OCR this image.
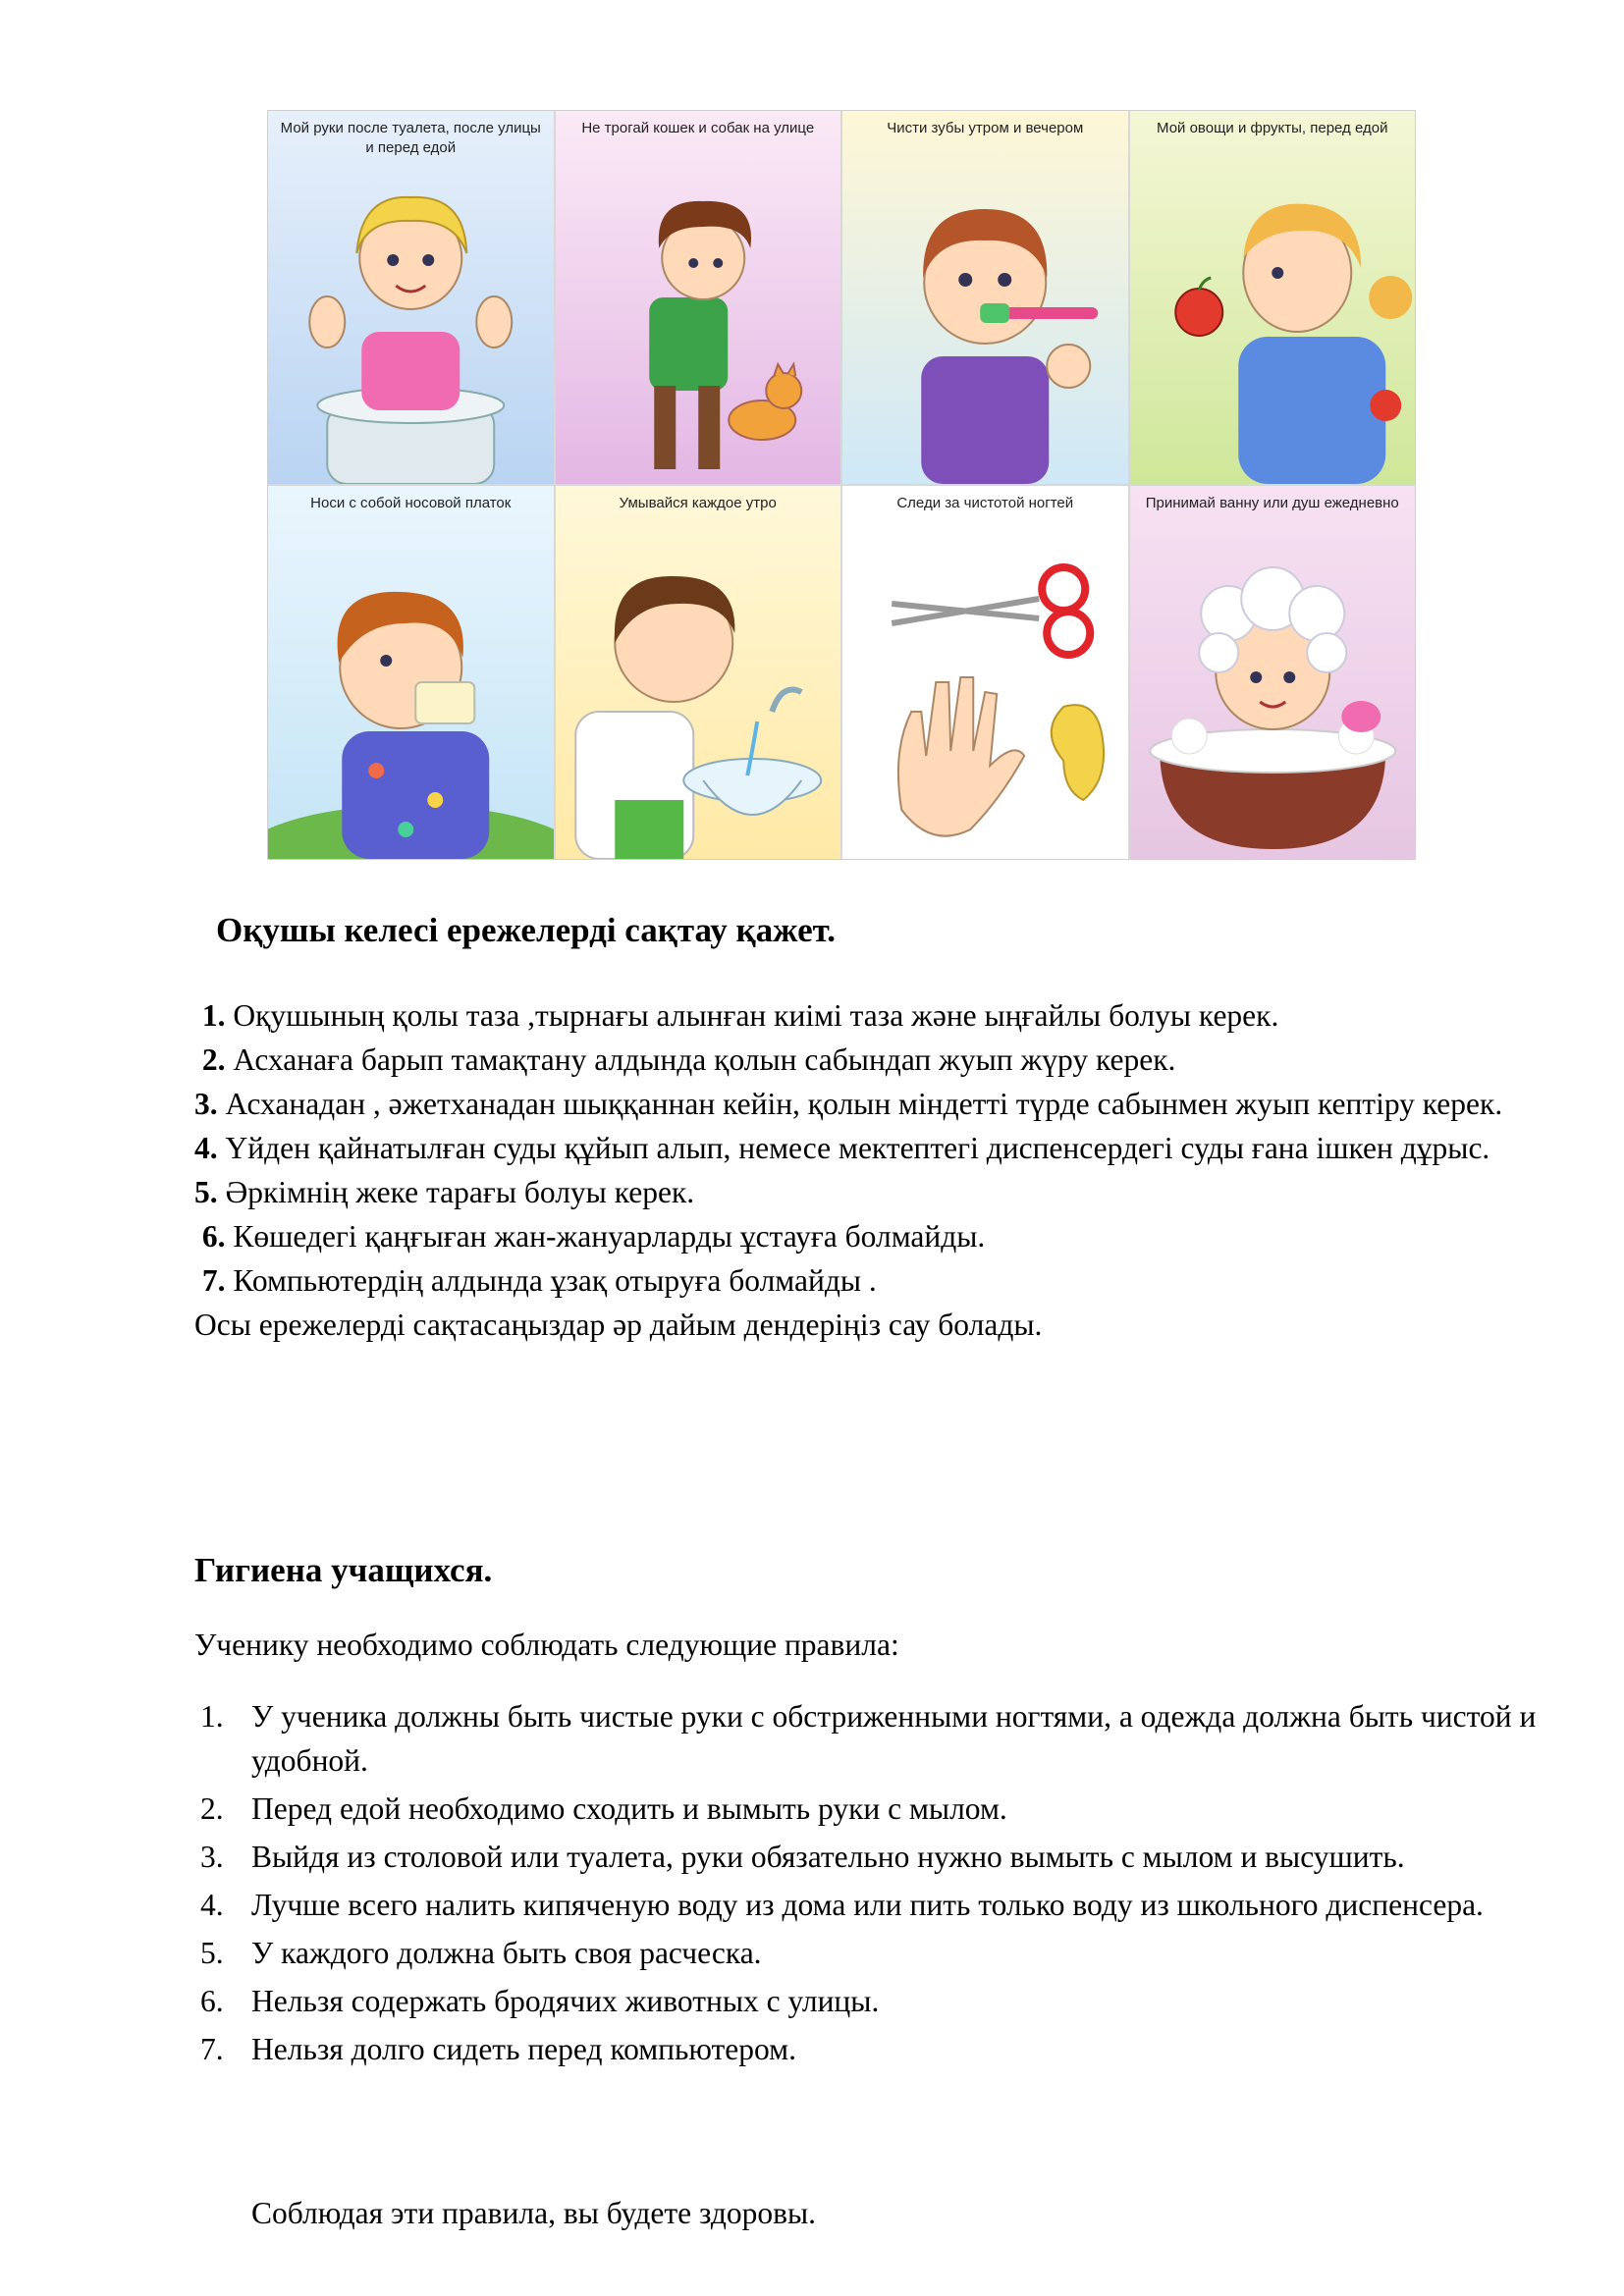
Мой руки после туалета, после улицы и перед едой
Не трогай кошек и собак на улице	Чисти зубы утром и вечером	Мой овощи и фрукты, перед едой
Носи с собой носовой платок	Умывайся каждое утро	Следи за чистотой ногтей	Принимай ванну или душ ежедневно
Оқушы келесі ережелерді сақтау қажет.

1. Оқушының қолы таза ,тырнағы алынған киімі таза және ыңғайлы болуы керек.

2. Асханаға барып тамақтану алдында қолын сабындап жуып жүру керек.

3. Асханадан , әжетханадан шыққаннан кейін, қолын міндетті түрде сабынмен жуып кептіру керек.

4. Үйден қайнатылған суды құйып алып, немесе мектептегі диспенсердегі суды ғана ішкен дұрыс.

5. Әркімнің жеке тарағы болуы керек.

6. Көшедегі қаңғыған жан-жануарларды ұстауға болмайды.

7. Компьютердің алдында ұзақ отыруға болмайды .

Осы ережелерді сақтасаңыздар әр дайым дендеріңіз сау болады.

Гигиена учащихся.

Ученику необходимо соблюдать следующие правила:

1. У ученика должны быть чистые руки с обстриженными ногтями, а одежда должна быть чистой и удобной.
2. Перед едой необходимо сходить и вымыть руки с мылом.
3. Выйдя из столовой или туалета, руки обязательно нужно вымыть с мылом и высушить.
4. Лучше всего налить кипяченую воду из дома или пить только воду из школьного диспенсера.
5. У каждого должна быть своя расческа.
6. Нельзя содержать бродячих животных с улицы.
7. Нельзя долго сидеть перед компьютером.

Соблюдая эти правила, вы будете здоровы.
